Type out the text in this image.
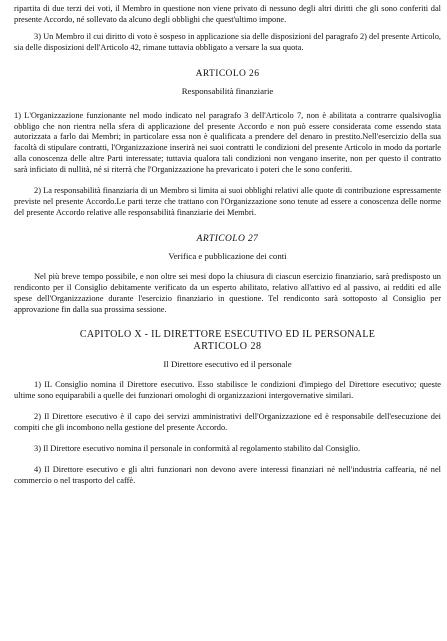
ripartita di due terzi dei voti, il Membro in questione non viene privato di nessuno degli altri diritti che gli sono conferiti dal presente Accordo, né sollevato da alcuno degli obblighi che quest'ultimo impone.

3) Un Membro il cui diritto di voto è sospeso in applicazione sia delle disposizioni del paragrafo 2) del presente Articolo, sia delle disposizioni dell'Articolo 42, rimane tuttavia obbligato a versare la sua quota.

ARTICOLO 26
Responsabilità finanziarie

1) L'Organizzazione funzionante nel modo indicato nel paragrafo 3 dell'Articolo 7, non è abilitata a contrarre qualsivoglia obbligo che non rientra nella sfera di applicazione del presente Accordo e non può essere considerata come essendo stata autorizzata a farlo dai Membri; in particolare essa non è qualificata a prendere del denaro in prestito.Nell'esercizio della sua facoltà di stipulare contratti, l'Organizzazione inserirà nei suoi contratti le condizioni del presente Articolo in modo da portarle alla conoscenza delle altre Parti interessate; tuttavia qualora tali condizioni non vengano inserite, non per questo il contratto sarà inficiato di nullità, né si riterrà che l'Organizzazione ha prevaricato i poteri che le sono conferiti.

2) La responsabilità finanziaria di un Membro si limita ai suoi obblighi relativi alle quote di contribuzione espressamente previste nel presente Accordo.Le parti terze che trattano con l'Organizzazione sono tenute ad essere a conoscenza delle norme del presente Accordo relative alle responsabilità finanziarie dei Membri.

ARTICOLO 27
Verifica e pubblicazione dei conti

Nel più breve tempo possibile, e non oltre sei mesi dopo la chiusura di ciascun esercizio finanziario, sarà predisposto un rendiconto per il Consiglio debitamente verificato da un esperto abilitato, relativo all'attivo ed al passivo, ai redditi ed alle spese dell'Organizzazione durante l'esercizio finanziario in questione. Tel rendiconto sarà sottoposto al Consiglio per approvazione fin dalla sua prossima sessione.

CAPITOLO X - IL DIRETTORE ESECUTIVO ED IL PERSONALE
ARTICOLO 28
Il Direttore esecutivo ed il personale

1) IL Consiglio nomina il Direttore esecutivo. Esso stabilisce le condizioni d'impiego del Direttore esecutivo; queste ultime sono equiparabili a quelle dei funzionari omologhi di organizzazioni intergovernative similari.

2) Il Direttore esecutivo è il capo dei servizi amministrativi dell'Organizzazione ed è responsabile dell'esecuzione dei compiti che gli incombono nella gestione del presente Accordo.

3) Il Direttore esecutivo nomina il personale in conformità al regolamento stabilito dal Consiglio.

4) Il Direttore esecutivo e gli altri funzionari non devono avere interessi finanziari né nell'industria caffearia, né nel commercio o nel trasporto del caffè.
